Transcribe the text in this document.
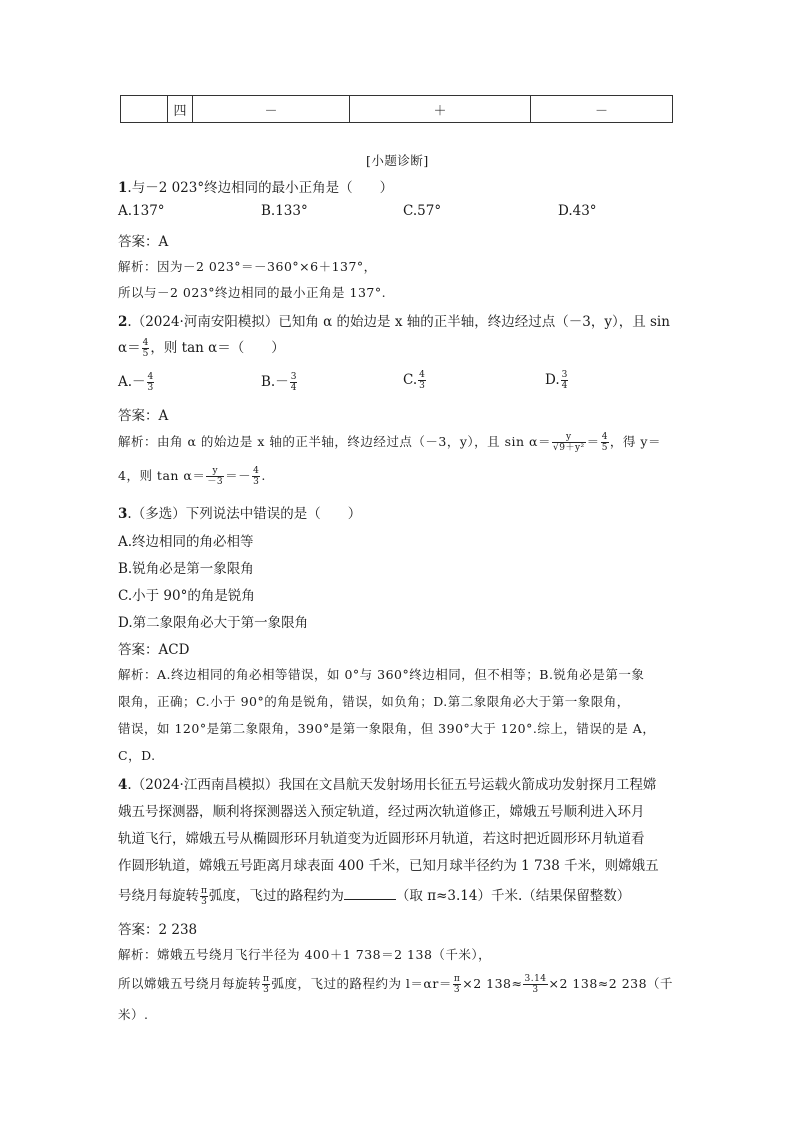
	四	－	＋	－
[小题诊断]
1.与－2 023°终边相同的最小正角是（　　）
A.137°	B.133°	C.57°	D.43°
答案：A
解析：因为－2 023°＝－360°×6＋137°，
所以与－2 023°终边相同的最小正角是 137°.
2.（2024·河南安阳模拟）已知角 α 的始边是 x 轴的正半轴，终边经过点（－3，y），且 sin
$\alpha= \frac{4}{5}$ ，则 tan α＝（　　）
$A.- \frac{4}{3}$	$B.- \frac{3}{4}$	C. $\frac{4}{3}$	D. $\frac{3}{4}$
答案：A
解析：由角 α 的始边是 x 轴的正半轴，终边经过点（－3，y），且 $\sin \alpha= \frac{y}{\text{√9＋y²}} = \frac{4}{5}$ ，得 y＝
4，则 $\tan \alpha= \frac{y}{-3} =- \frac{4}{3}$ .
3.（多选）下列说法中错误的是（　　）
A.终边相同的角必相等
B.锐角必是第一象限角
C.小于 90°的角是锐角
D.第二象限角必大于第一象限角
答案：ACD
解析：A.终边相同的角必相等错误，如 0°与 360°终边相同，但不相等；B.锐角必是第一象
限角，正确；C.小于 90°的角是锐角，错误，如负角；D.第二象限角必大于第一象限角，
错误，如 120°是第二象限角，390°是第一象限角，但 390°大于 120°.综上，错误的是 A，
C，D.
4.（2024·江西南昌模拟）我国在文昌航天发射场用长征五号运载火箭成功发射探月工程嫦
娥五号探测器，顺利将探测器送入预定轨道，经过两次轨道修正，嫦娥五号顺利进入环月
轨道飞行，嫦娥五号从椭圆形环月轨道变为近圆形环月轨道，若这时把近圆形环月轨道看
作圆形轨道，嫦娥五号距离月球表面 400 千米，已知月球半径约为 1 738 千米，则嫦娥五
号绕月每旋转 $\frac{\pi}{3}$ 弧度，飞过的路程约为	（取 π≈3.14）千米.（结果保留整数）
答案：2 238
解析：嫦娥五号绕月飞行半径为 400＋1 738＝2 138（千米），
所以嫦娥五号绕月每旋转 $\frac{\pi}{3}$ 弧度，飞过的路程约为 $l=\alpha r= \frac{\pi}{3} \times 2$ $138\approx \frac{3.14}{3} \times 2$ 138≈2 238（千
米）.
